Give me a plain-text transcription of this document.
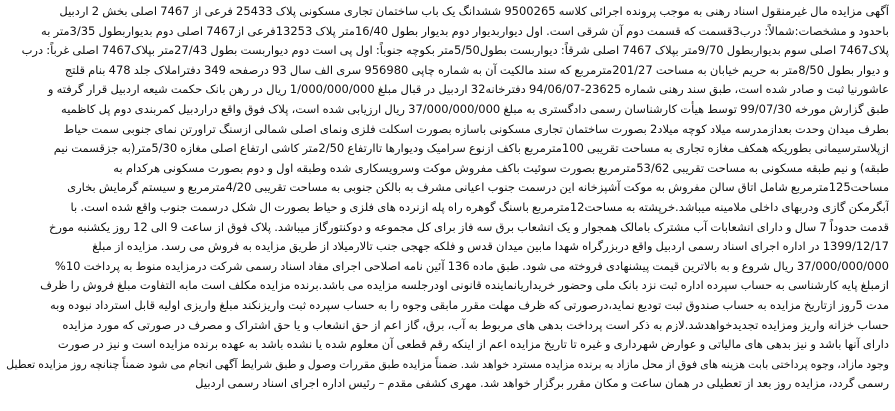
آگهی مزایده مال غیرمنقول اسناد رهنی به موجب پرونده اجرائی کلاسه 9500265 ششدانگ یک باب ساختمان تجاری مسکونی پلاک 25433 فرعی از 7467 اصلی بخش 2 اردبیل
باحدود و مشخصات:شمالاً: درب3قسمت که قسمت دوم آن شرقی است. اول دیواربدیوار دوم بدیوار بطول 16/40متر پلاک 13253فرعی از7467 اصلی دوم بدیواربطول 3/35متر به
پلاک7467 اصلی سوم بدیواربطول 9/70متر بپلاک 7467 اصلی شرقاً: دیواربست بطول5/50متر بکوچه جنوباً: اول پی است دوم دیواربست بطول 27/43متر بپلاک7467 اصلی غرباً: درب
و دیوار بطول 8/50متر به حریم خیابان به مساحت 201/27مترمربع که سند مالکیت آن به شماره چاپی 956980 سری الف سال 93 درصفحه 349 دفتراملاک جلد 478 بنام قلتج
عاشورنیا ثبت و صادر شده است، طبق سند رهنی شماره 23625-94/06/07 دفترخانه32 اردبیل در قبال مبلغ 1/000/000/000 ریال در رهن بانک حکمت شیعه اردبیل قرار گرفته و
طبق گزارش مورخه 99/07/30 توسط هیأت کارشناسان رسمی دادگستری به مبلغ 37/000/000/000 ریال ارزیابی شده است، پلاک فوق واقع دراردبیل کمربندی دوم پل کاظمیه
بطرف میدان وحدت بعدازمدرسه میلاد کوچه میلاد2 بصورت ساختمان تجاری مسکونی باسازه بصورت اسکلت فلزی ونمای اصلی شمالی ازسنگ تراورتن نمای جنوبی سمت حیاط
ازپلاسترسیمانی بطوریکه همکف مغازه تجاری به مساحت تقریبی 100مترمربع باکف ازنوع سرامیک ودیوارها تاارتفاع 2/50متر کاشی ارتفاع اصلی مغازه 5/30متر(به جزقسمت نیم
طبقه) و نیم طبقه مسکونی به مساحت تقریبی 53/62مترمربع بصورت سوئیت باکف مفروش موکت وسرویسکاری شده وطبقه اول و دوم بصورت مسکونی هرکدام به
مساحت125مترمربع شامل اتاق سالن مفروش به موکت آشپزخانه این درسمت جنوب اعیانی مشرف به بالکن جنوبی به مساحت تقریبی 4/20مترمربع و سیستم گرمایش بخاری
آبگرمکن گازی ودربهای داخلی ملامینه میباشد.خرپشته به مساحت12مترمربع باسنگ گوهره راه پله ازنرده های فلزی و حیاط بصورت ال شکل درسمت جنوب واقع شده است. با
قدمت حدوداً 7 سال و دارای انشعابات آب مشترک بامالک همجوار و یک انشعاب برق سه فاز برای کل مجموعه و دوکنتورگاز میباشد. پلاک فوق از ساعت 9 الی 12 روز یکشنبه مورخ
1399/12/17 در اداره اجرای اسناد رسمی اردبیل واقع دربزرگراه شهدا مابین میدان قدس و فلکه جهجی جنب تالارمیلاد از طریق مزایده به فروش می رسد. مزایده از مبلغ
37/000/000/000 ریال شروع و به بالاترین قیمت پیشنهادی فروخته می شود. طبق ماده 136 آئین نامه اصلاحی اجرای مفاد اسناد رسمی شرکت درمزایده منوط به پرداخت 10%
ازمبلغ پایه کارشناسی به حساب سپرده اداره ثبت نزد بانک ملی وحضور خریداریانماینده قانونی اودرجلسه مزایده می باشد.برنده مزایده مکلف است مابه التفاوت مبلغ فروش را ظرف
مدت 5روز ازتاریخ مزایده به حساب صندوق ثبت تودیع نماید،درصورتی که ظرف مهلت مقرر مابقی وجوه را به حساب سپرده ثبت واریزنکند مبلغ واریزی اولیه قابل استرداد نبوده وبه
حساب خزانه واریز ومزایده تجدیدخواهدشد.لازم به ذکر است پرداخت بدهی های مربوط به آب، برق، گاز اعم از حق انشعاب و یا حق اشتراک و مصرف در صورتی که مورد مزایده
دارای آنها باشد و نیز بدهی های مالیاتی و عوارض شهرداری و غیره تا تاریخ مزایده اعم از اینکه رقم قطعی آن معلوم شده یا نشده باشد به عهده برنده مزایده است و نیز در صورت
وجود مازاد، وجوه پرداختی بابت هزینه های فوق از محل مازاد به برنده مزایده مسترد خواهد شد. ضمناً مزایده طبق مقررات وصول و طبق شرایط آگهی انجام می شود ضمناً چنانچه روز مزایده تعطیل
رسمی گردد، مزایده روز بعد از تعطیلی در همان ساعت و مکان مقرر برگزار خواهد شد. مهری کشفی مقدم – رئیس اداره اجرای اسناد رسمی اردبیل
